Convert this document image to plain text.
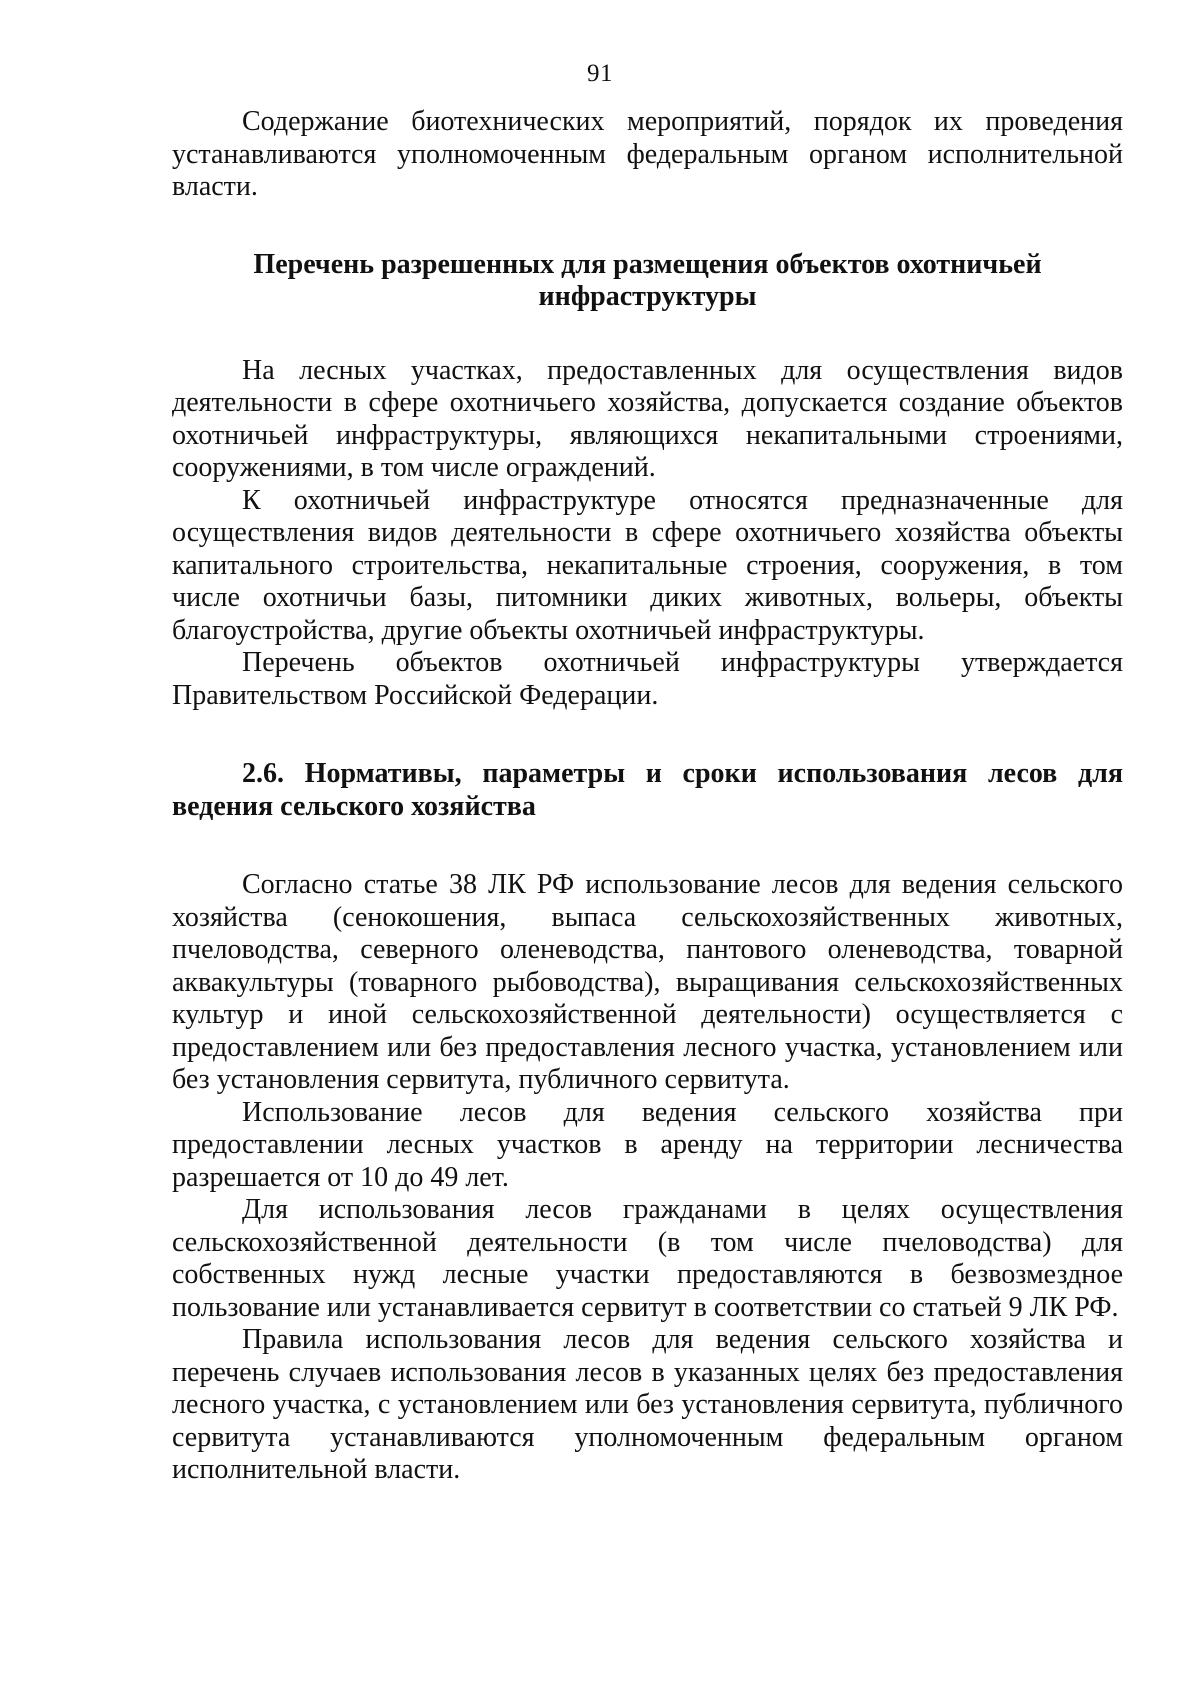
91

Содержание биотехнических мероприятий, порядок их проведения устанавливаются уполномоченным федеральным органом исполнительной власти.

Перечень разрешенных для размещения объектов охотничьей инфраструктуры

На лесных участках, предоставленных для осуществления видов деятельности в сфере охотничьего хозяйства, допускается создание объектов охотничьей инфраструктуры, являющихся некапитальными строениями, сооружениями, в том числе ограждений.

К охотничьей инфраструктуре относятся предназначенные для осуществления видов деятельности в сфере охотничьего хозяйства объекты капитального строительства, некапитальные строения, сооружения, в том числе охотничьи базы, питомники диких животных, вольеры, объекты благоустройства, другие объекты охотничьей инфраструктуры.

Перечень объектов охотничьей инфраструктуры утверждается Правительством Российской Федерации.

2.6. Нормативы, параметры и сроки использования лесов для ведения сельского хозяйства

Согласно статье 38 ЛК РФ использование лесов для ведения сельского хозяйства (сенокошения, выпаса сельскохозяйственных животных, пчеловодства, северного оленеводства, пантового оленеводства, товарной аквакультуры (товарного рыбоводства), выращивания сельскохозяйственных культур и иной сельскохозяйственной деятельности) осуществляется с предоставлением или без предоставления лесного участка, установлением или без установления сервитута, публичного сервитута.

Использование лесов для ведения сельского хозяйства при предоставлении лесных участков в аренду на территории лесничества разрешается от 10 до 49 лет.

Для использования лесов гражданами в целях осуществления сельскохозяйственной деятельности (в том числе пчеловодства) для собственных нужд лесные участки предоставляются в безвозмездное пользование или устанавливается сервитут в соответствии со статьей 9 ЛК РФ.

Правила использования лесов для ведения сельского хозяйства и перечень случаев использования лесов в указанных целях без предоставления лесного участка, с установлением или без установления сервитута, публичного сервитута устанавливаются уполномоченным федеральным органом исполнительной власти.
